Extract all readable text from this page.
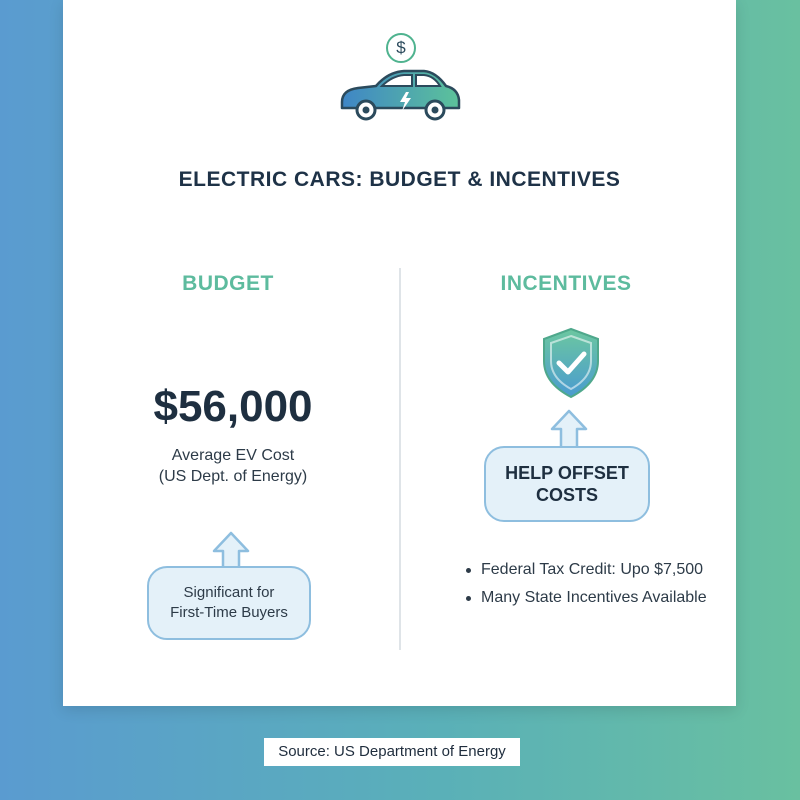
$
ELECTRIC CARS: BUDGET & INCENTIVES
BUDGET	INCENTIVES
$56,000
Average EV Cost
(US Dept. of Energy)
Significant for
First-Time Buyers
HELP OFFSET
COSTS
Federal Tax Credit: Upo $7,500
Many State Incentives Available
Source: US Department of Energy
